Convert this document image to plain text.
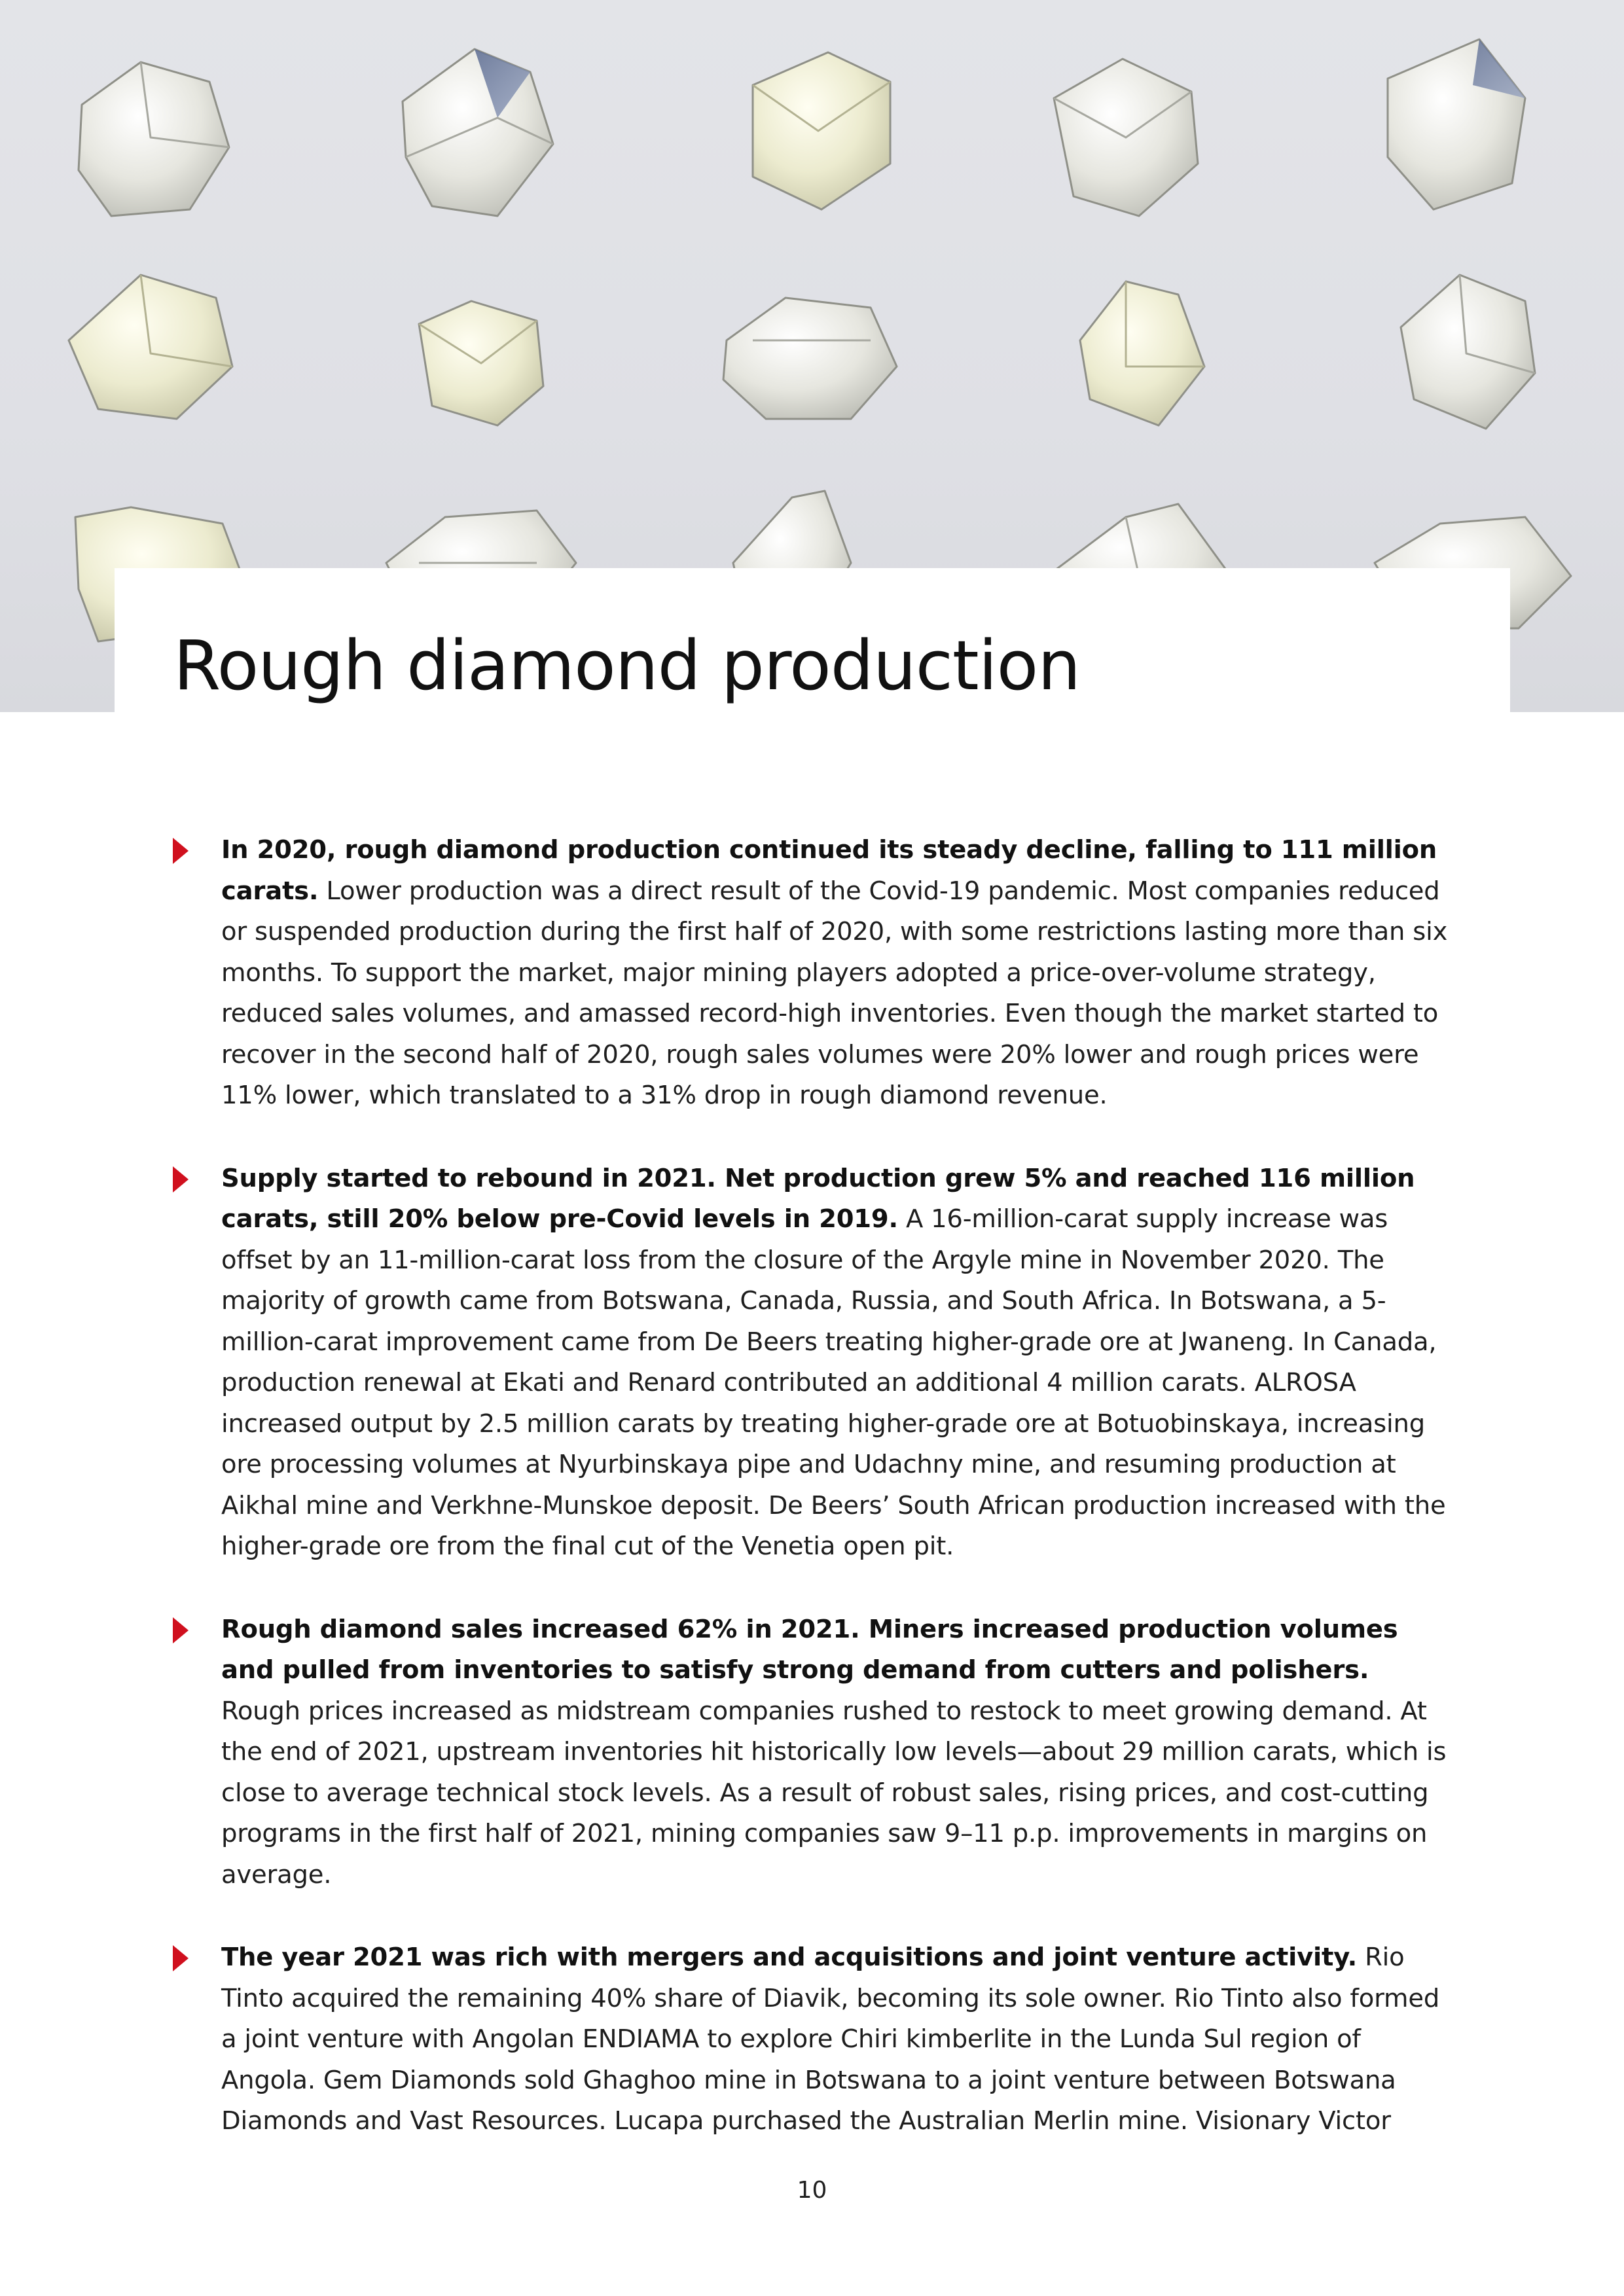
Rough diamond production

In 2020, rough diamond production continued its steady decline, falling to 111 million carats. Lower production was a direct result of the Covid-19 pandemic. Most companies reduced or suspended production during the first half of 2020, with some restrictions lasting more than six months. To support the market, major mining players adopted a price-over-volume strategy, reduced sales volumes, and amassed record-high inventories. Even though the market started to recover in the second half of 2020, rough sales volumes were 20% lower and rough prices were 11% lower, which translated to a 31% drop in rough diamond revenue.

Supply started to rebound in 2021. Net production grew 5% and reached 116 million carats, still 20% below pre-Covid levels in 2019. A 16-million-carat supply increase was offset by an 11-million-carat loss from the closure of the Argyle mine in November 2020. The majority of growth came from Botswana, Canada, Russia, and South Africa. In Botswana, a 5-million-carat improvement came from De Beers treating higher-grade ore at Jwaneng. In Canada, production renewal at Ekati and Renard contributed an additional 4 million carats. ALROSA increased output by 2.5 million carats by treating higher-grade ore at Botuobinskaya, increasing ore processing volumes at Nyurbinskaya pipe and Udachny mine, and resuming production at Aikhal mine and Verkhne-Munskoe deposit. De Beers’ South African production increased with the higher-grade ore from the final cut of the Venetia open pit.

Rough diamond sales increased 62% in 2021. Miners increased production volumes and pulled from inventories to satisfy strong demand from cutters and polishers. Rough prices increased as midstream companies rushed to restock to meet growing demand. At the end of 2021, upstream inventories hit historically low levels—about 29 million carats, which is close to average technical stock levels. As a result of robust sales, rising prices, and cost-cutting programs in the first half of 2021, mining companies saw 9–11 p.p. improvements in margins on average.

The year 2021 was rich with mergers and acquisitions and joint venture activity. Rio Tinto acquired the remaining 40% share of Diavik, becoming its sole owner. Rio Tinto also formed a joint venture with Angolan ENDIAMA to explore Chiri kimberlite in the Lunda Sul region of Angola. Gem Diamonds sold Ghaghoo mine in Botswana to a joint venture between Botswana Diamonds and Vast Resources. Lucapa purchased the Australian Merlin mine. Visionary Victor

10
